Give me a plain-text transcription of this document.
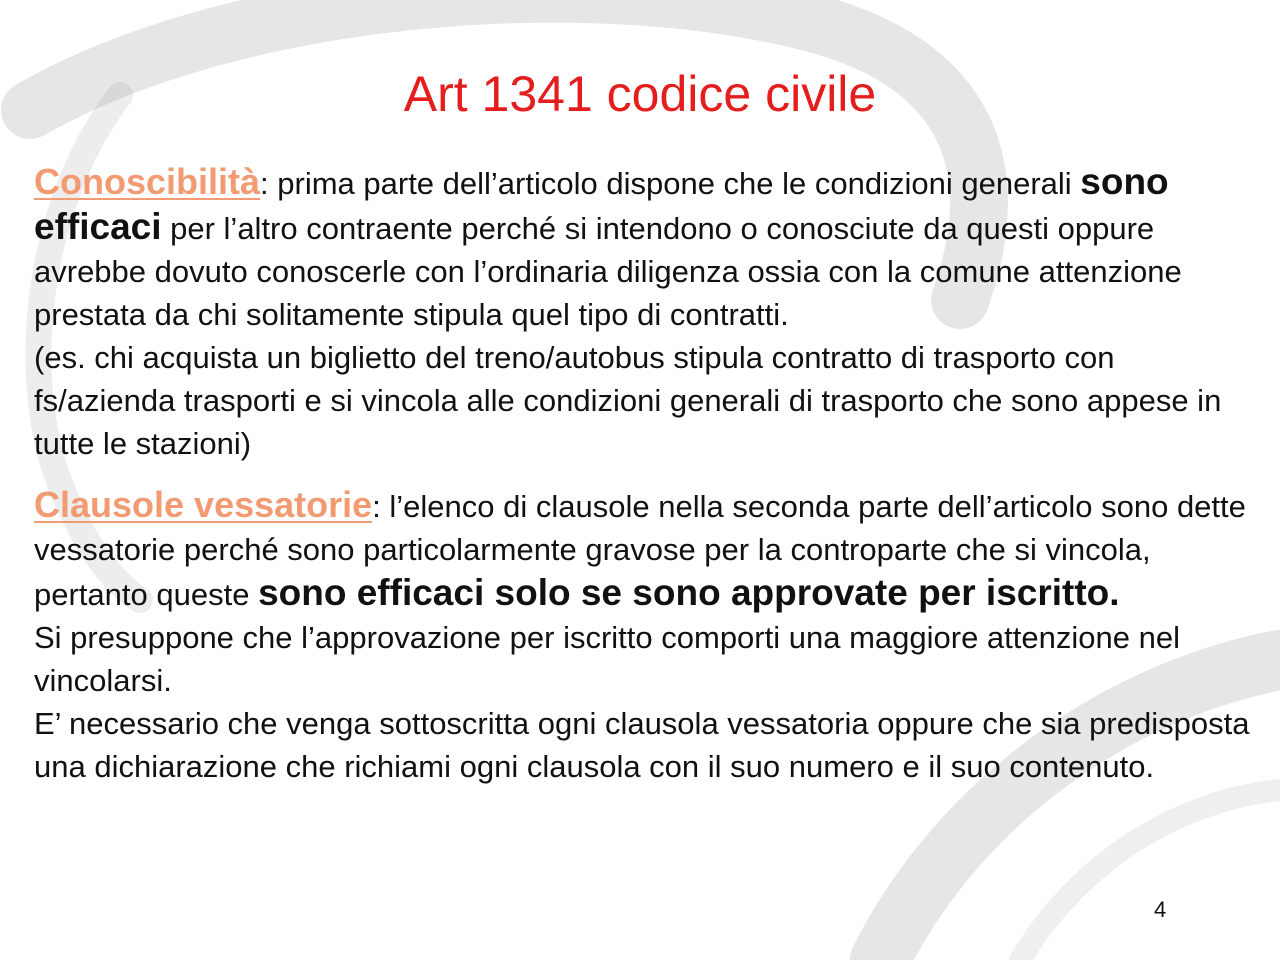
Art 1341 codice civile

Conoscibilità: prima parte dell’articolo dispone che le condizioni generali sono efficaci per l’altro contraente perché si intendono o conosciute da questi oppure avrebbe dovuto conoscerle con l’ordinaria diligenza ossia con la comune attenzione prestata da chi solitamente stipula quel tipo di contratti.
(es. chi acquista un biglietto del treno/autobus stipula contratto di trasporto con fs/azienda trasporti e si vincola alle condizioni generali di trasporto che sono appese in tutte le stazioni)

Clausole vessatorie: l’elenco di clausole nella seconda parte dell’articolo sono dette vessatorie perché sono particolarmente gravose per la controparte che si vincola, pertanto queste sono efficaci solo se sono approvate per iscritto.
Si presuppone che l’approvazione per iscritto comporti una maggiore attenzione nel vincolarsi.
E’ necessario che venga sottoscritta ogni clausola vessatoria oppure che sia predisposta una dichiarazione che richiami ogni clausola con il suo numero e il suo contenuto.

4
